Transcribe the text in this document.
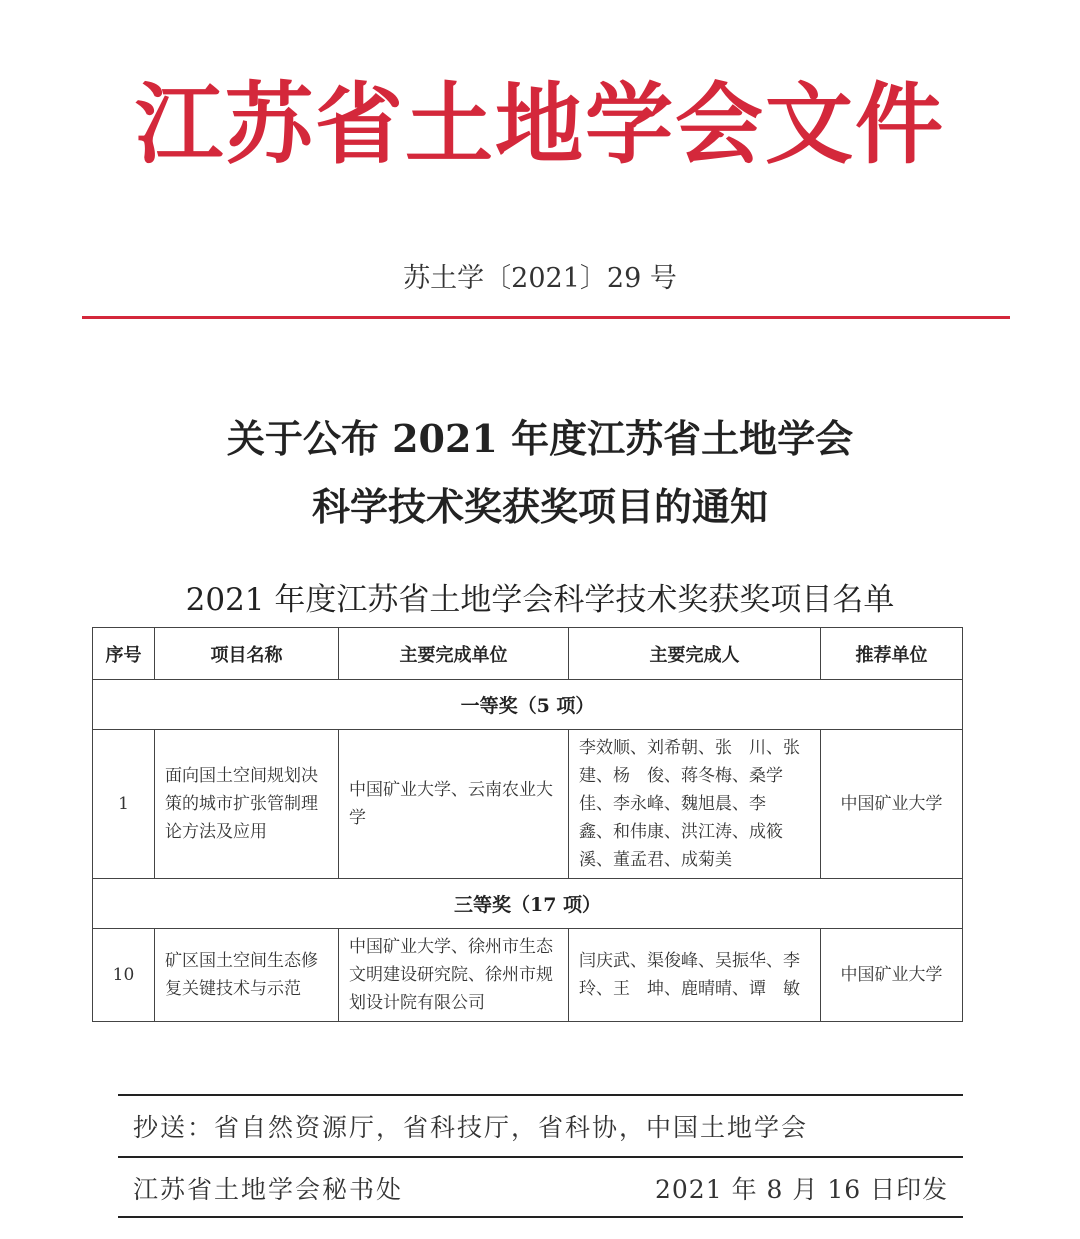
江苏省土地学会文件
苏土学〔2021〕29 号
关于公布 2021 年度江苏省土地学会
科学技术奖获奖项目的通知
2021 年度江苏省土地学会科学技术奖获奖项目名单
序号	项目名称	主要完成单位	主要完成人	推荐单位
一等奖（5 项）				
1	面向国土空间规划决策的城市扩张管制理论方法及应用	中国矿业大学、云南农业大学	李效顺、刘希朝、张　川、张　建、杨　俊、蒋冬梅、桑学佳、李永峰、魏旭晨、李　鑫、和伟康、洪江涛、成筱溪、董孟君、成菊美	中国矿业大学
三等奖（17 项）				
10	矿区国土空间生态修复关键技术与示范	中国矿业大学、徐州市生态文明建设研究院、徐州市规划设计院有限公司	闫庆武、渠俊峰、吴振华、李　玲、王　坤、鹿晴晴、谭　敏	中国矿业大学
抄送：省自然资源厅，省科技厅，省科协，中国土地学会
江苏省土地学会秘书处	2021 年 8 月 16 日印发
